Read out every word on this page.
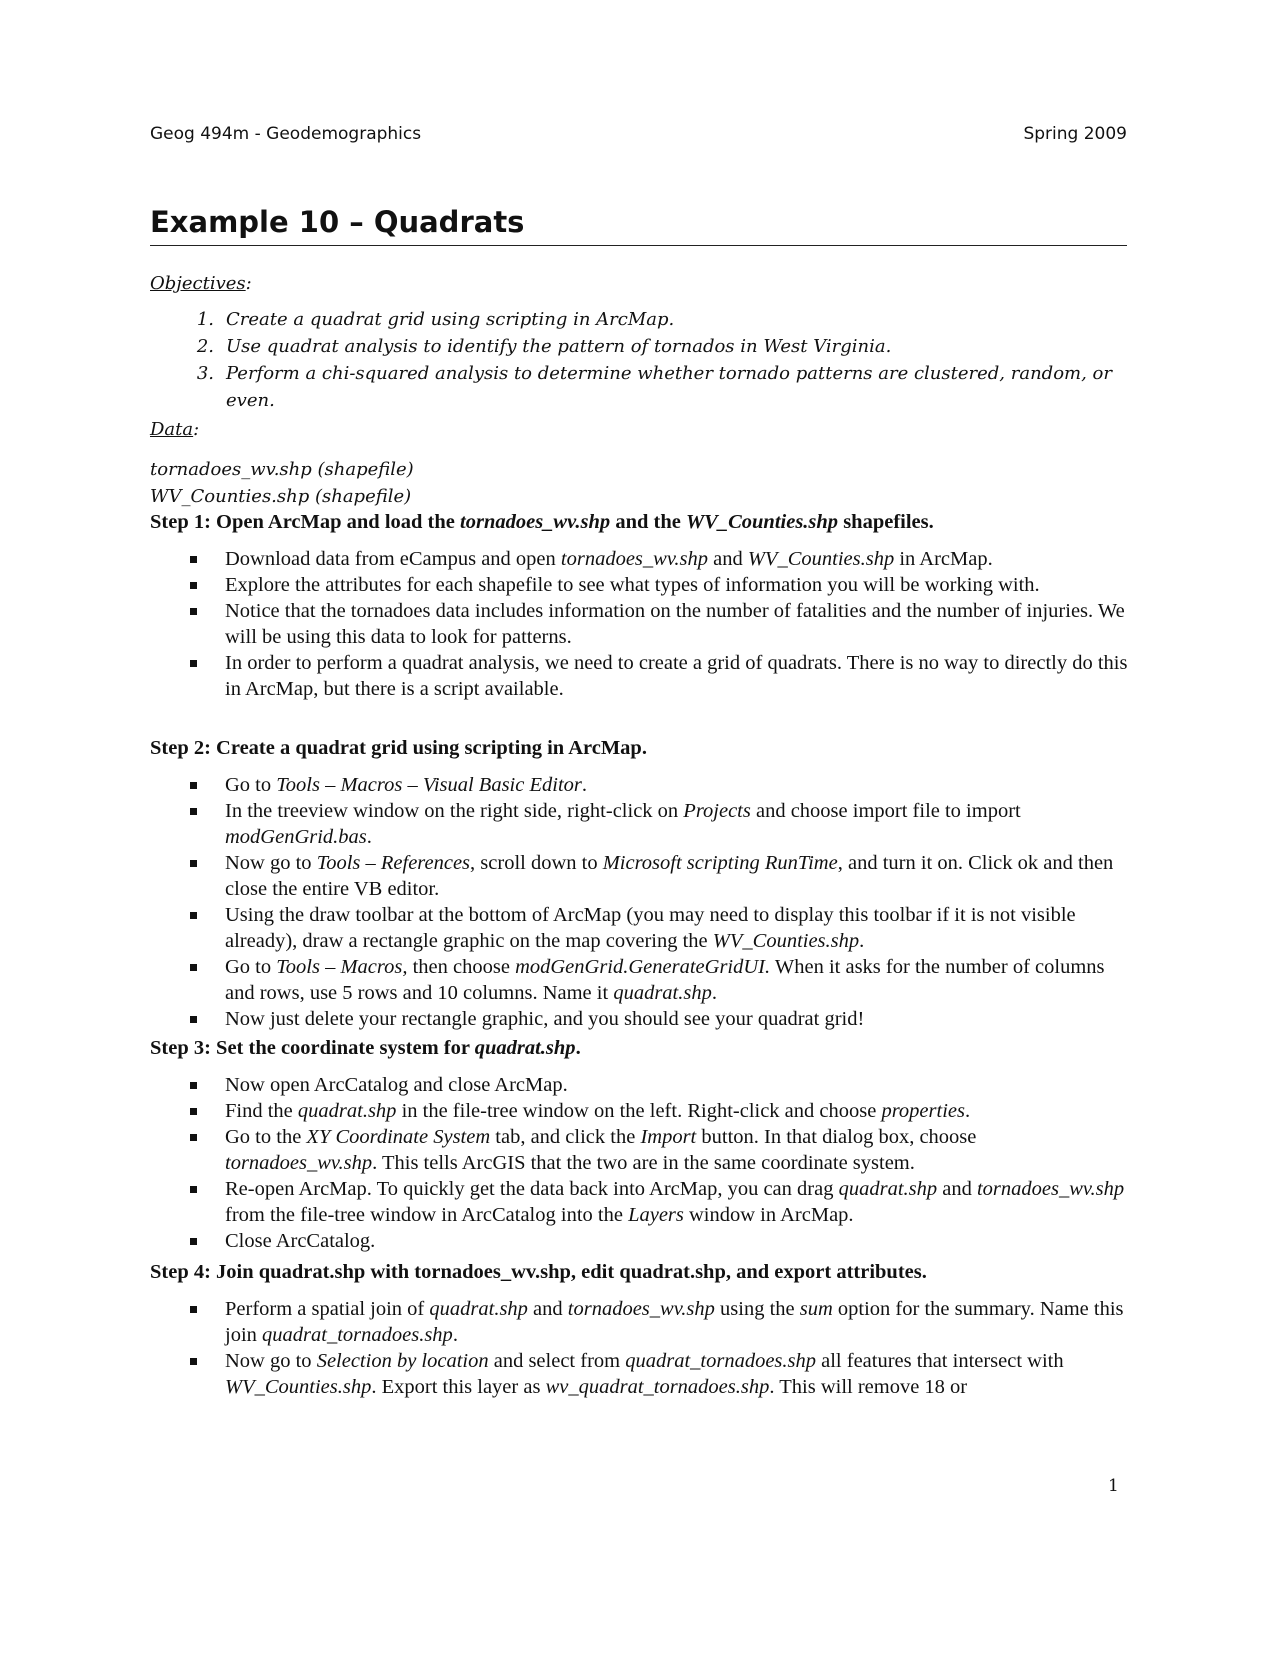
Geog 494m - Geodemographics	Spring 2009
Example 10 – Quadrats
Objectives:
1. Create a quadrat grid using scripting in ArcMap.
2. Use quadrat analysis to identify the pattern of tornados in West Virginia.
3. Perform a chi-squared analysis to determine whether tornado patterns are clustered, random, or even.
Data:
tornadoes_wv.shp (shapefile)
WV_Counties.shp (shapefile)
Step 1: Open ArcMap and load the tornadoes_wv.shp and the WV_Counties.shp shapefiles.
Download data from eCampus and open tornadoes_wv.shp and WV_Counties.shp in ArcMap.
Explore the attributes for each shapefile to see what types of information you will be working with.
Notice that the tornadoes data includes information on the number of fatalities and the number of injuries. We will be using this data to look for patterns.
In order to perform a quadrat analysis, we need to create a grid of quadrats. There is no way to directly do this in ArcMap, but there is a script available.
Step 2: Create a quadrat grid using scripting in ArcMap.
Go to Tools – Macros – Visual Basic Editor.
In the treeview window on the right side, right-click on Projects and choose import file to import modGenGrid.bas.
Now go to Tools – References, scroll down to Microsoft scripting RunTime, and turn it on. Click ok and then close the entire VB editor.
Using the draw toolbar at the bottom of ArcMap (you may need to display this toolbar if it is not visible already), draw a rectangle graphic on the map covering the WV_Counties.shp.
Go to Tools – Macros, then choose modGenGrid.GenerateGridUI. When it asks for the number of columns and rows, use 5 rows and 10 columns. Name it quadrat.shp.
Now just delete your rectangle graphic, and you should see your quadrat grid!
Step 3: Set the coordinate system for quadrat.shp.
Now open ArcCatalog and close ArcMap.
Find the quadrat.shp in the file-tree window on the left. Right-click and choose properties.
Go to the XY Coordinate System tab, and click the Import button. In that dialog box, choose tornadoes_wv.shp. This tells ArcGIS that the two are in the same coordinate system.
Re-open ArcMap. To quickly get the data back into ArcMap, you can drag quadrat.shp and tornadoes_wv.shp from the file-tree window in ArcCatalog into the Layers window in ArcMap.
Close ArcCatalog.
Step 4: Join quadrat.shp with tornadoes_wv.shp, edit quadrat.shp, and export attributes.
Perform a spatial join of quadrat.shp and tornadoes_wv.shp using the sum option for the summary. Name this join quadrat_tornadoes.shp.
Now go to Selection by location and select from quadrat_tornadoes.shp all features that intersect with WV_Counties.shp. Export this layer as wv_quadrat_tornadoes.shp. This will remove 18 or
1
